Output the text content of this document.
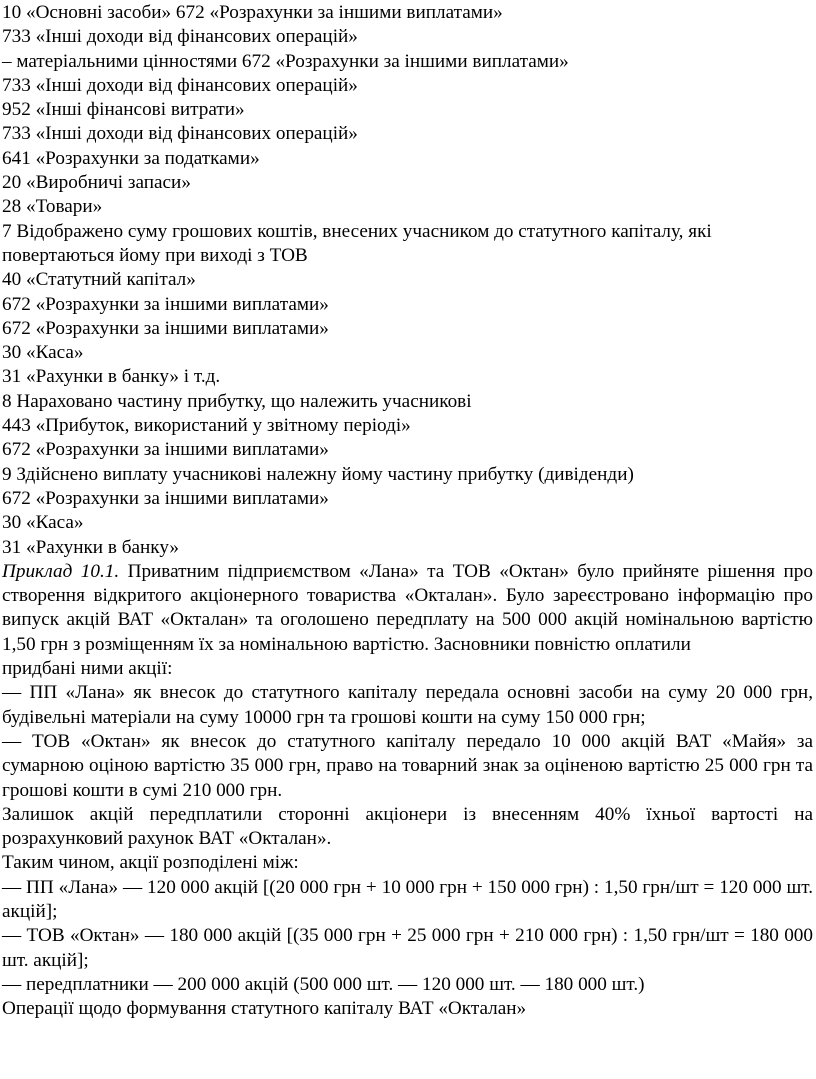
10 «Основні засоби» 672 «Розрахунки за іншими виплатами»
733 «Інші доходи від фінансових операцій»
– матеріальними цінностями 672 «Розрахунки за іншими виплатами»
733 «Інші доходи від фінансових операцій»
952 «Інші фінансові витрати»
733 «Інші доходи від фінансових операцій»
641 «Розрахунки за податками»
20 «Виробничі запаси»
28 «Товари»
7 Відображено суму грошових коштів, внесених учасником до статутного капіталу, які повертаються йому при виході з ТОВ
40 «Статутний капітал»
672 «Розрахунки за іншими виплатами»
672 «Розрахунки за іншими виплатами»
30 «Каса»
31 «Рахунки в банку» і т.д.
8 Нараховано частину прибутку, що належить учасникові
443 «Прибуток, використаний у звітному періоді»
672 «Розрахунки за іншими виплатами»
9 Здійснено виплату учасникові належну йому частину прибутку (дивіденди)
672 «Розрахунки за іншими виплатами»
30 «Каса»
31 «Рахунки в банку»
Приклад 10.1. Приватним підприємством «Лана» та ТОВ «Октан» було прийняте рішення про створення відкритого акціонерного товариства «Окталан». Було зареєстровано інформацію про випуск акцій ВАТ «Окталан» та оголошено передплату на 500 000 акцій номінальною вартістю 1,50 грн з розміщенням їх за номінальною вартістю. Засновники повністю оплатили
придбані ними акції:
— ПП «Лана» як внесок до статутного капіталу передала основні засоби на суму 20 000 грн, будівельні матеріали на суму 10000 грн та грошові кошти на суму 150 000 грн;
— ТОВ «Октан» як внесок до статутного капіталу передало 10 000 акцій ВАТ «Майя» за сумарною оціною вартістю 35 000 грн, право на товарний знак за оціненою вартістю 25 000 грн та грошові кошти в сумі 210 000 грн.
Залишок акцій передплатили сторонні акціонери із внесенням 40% їхньої вартості на розрахунковий рахунок ВАТ «Окталан».
Таким чином, акції розподілені між:
— ПП «Лана» — 120 000 акцій [(20 000 грн + 10 000 грн + 150 000 грн) : 1,50 грн/шт = 120 000 шт. акцій];
— ТОВ «Октан» — 180 000 акцій [(35 000 грн + 25 000 грн + 210 000 грн) : 1,50 грн/шт = 180 000 шт. акцій];
— передплатники — 200 000 акцій (500 000 шт. — 120 000 шт. — 180 000 шт.)
Операції щодо формування статутного капіталу ВАТ «Окталан»
